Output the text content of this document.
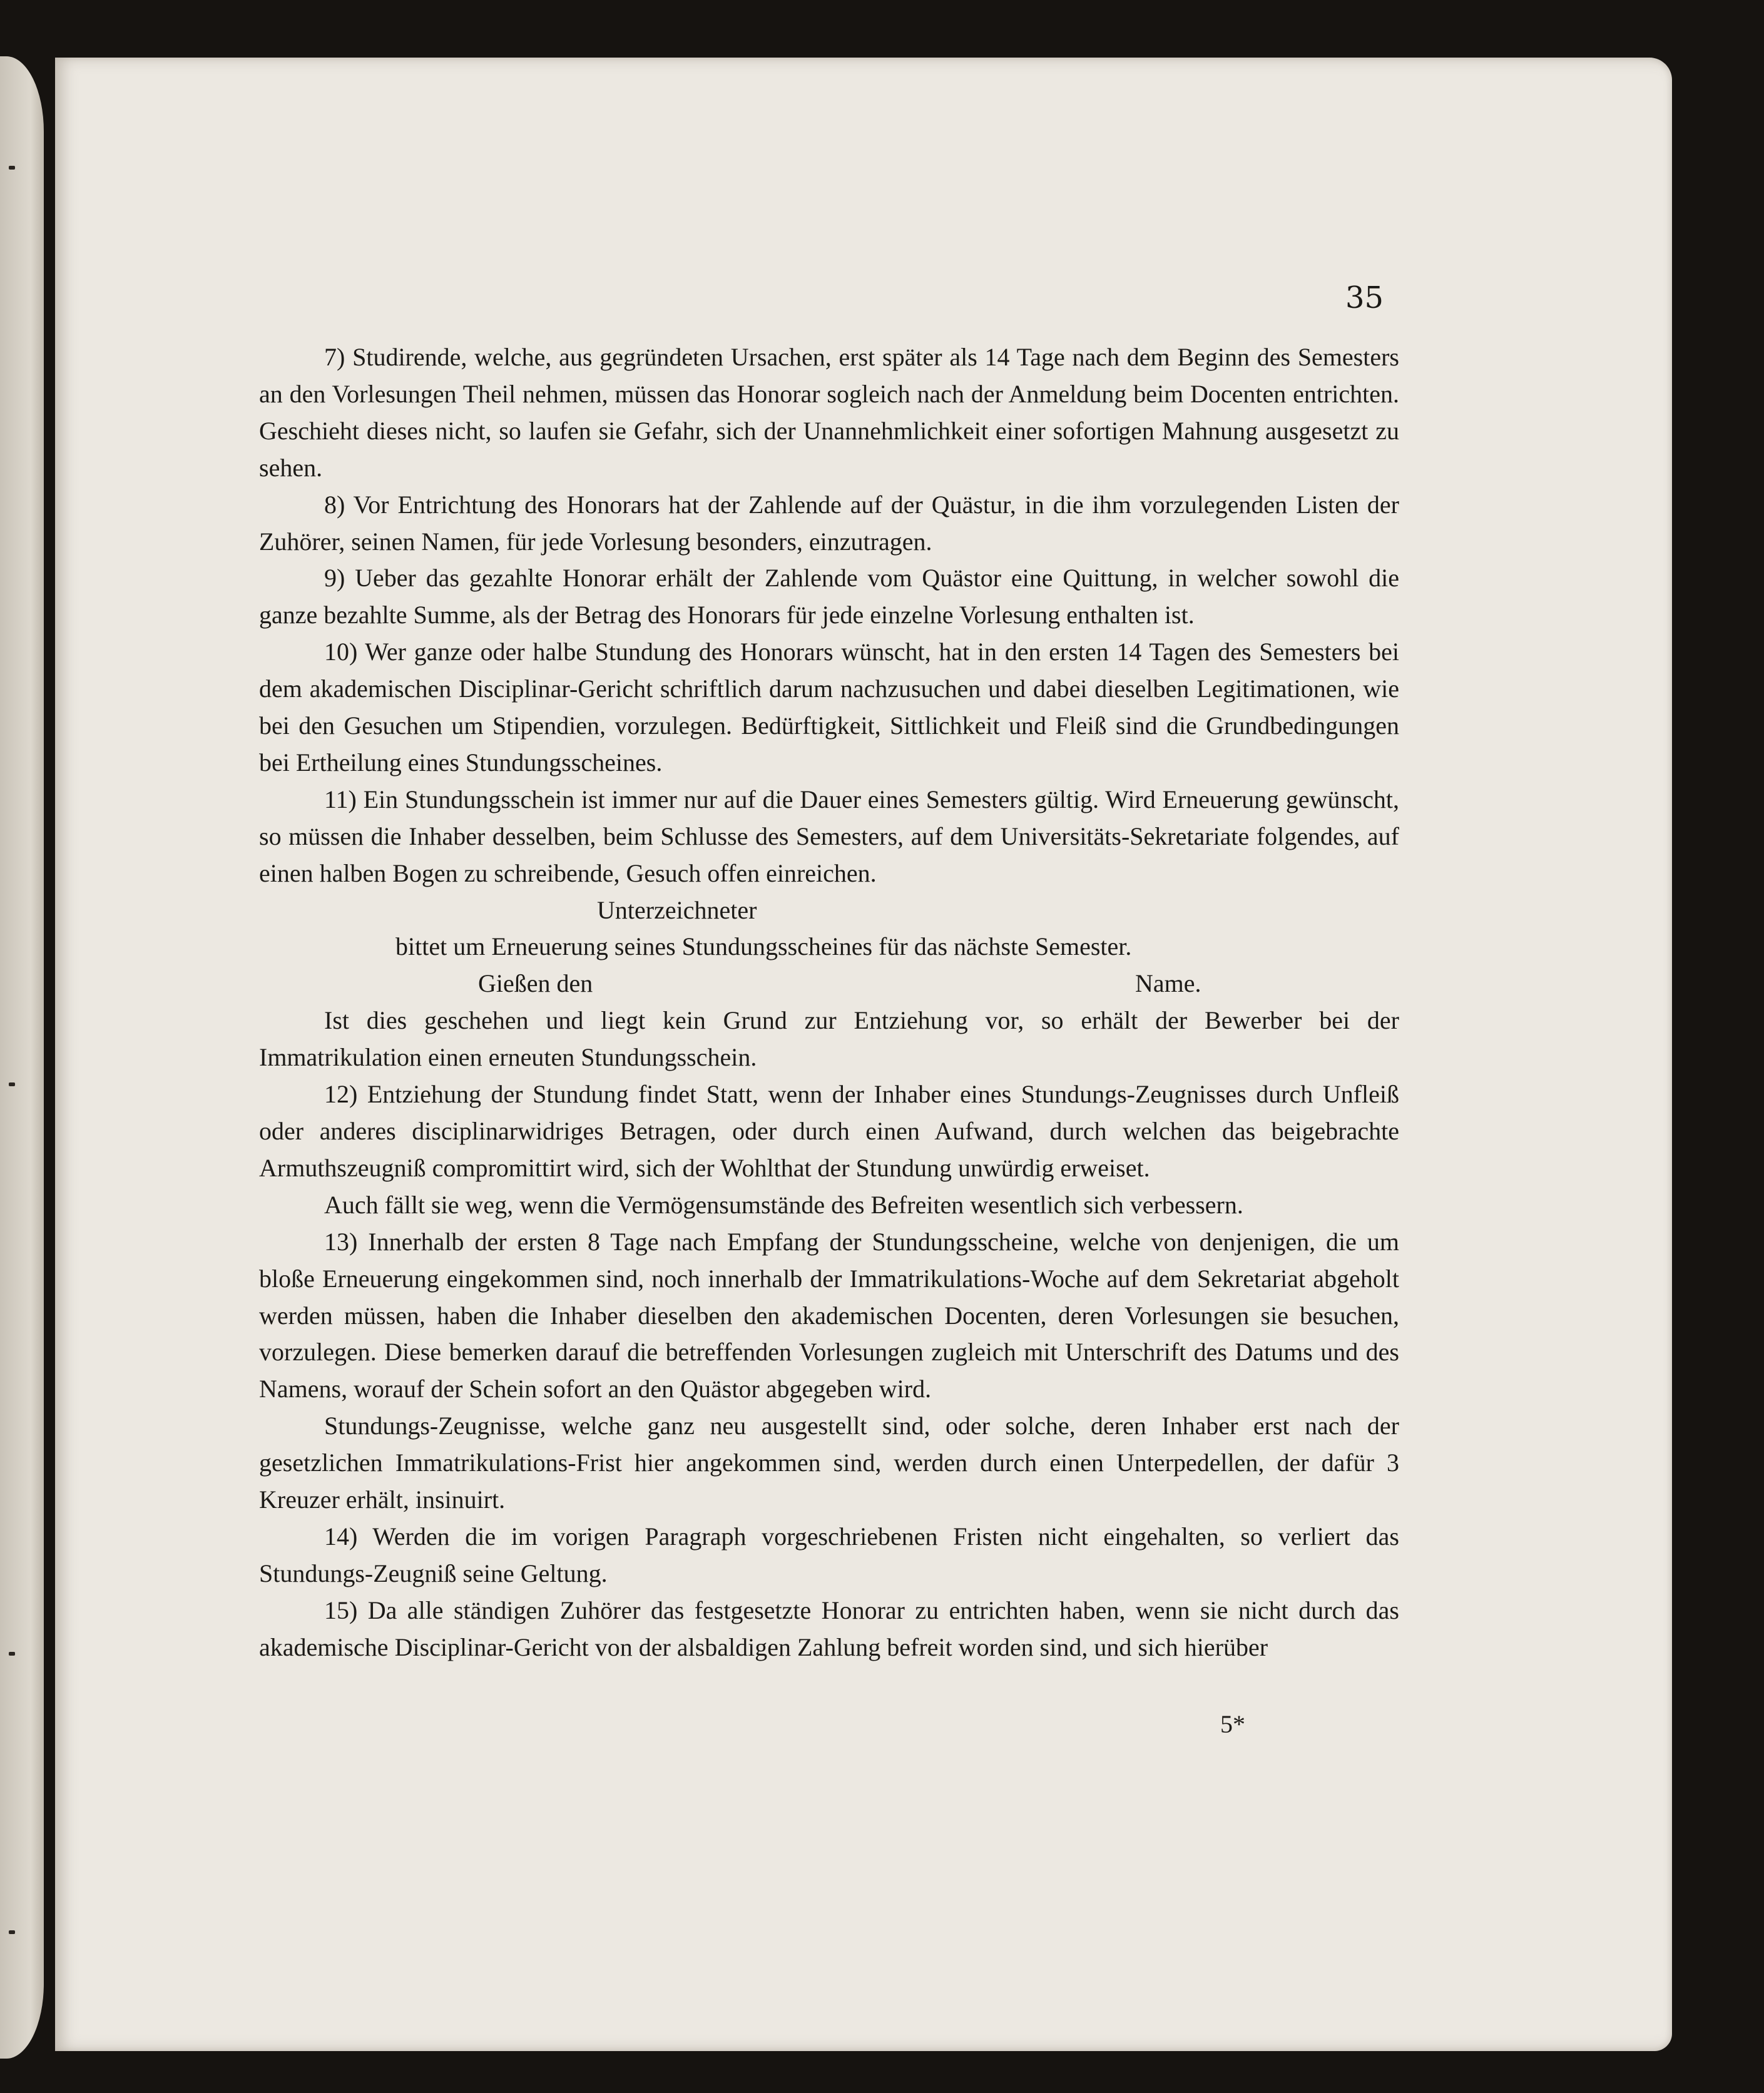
35

7) Studirende, welche, aus gegründeten Ursachen, erst später als 14 Tage nach dem Beginn des Semesters an den Vorlesungen Theil nehmen, müssen das Honorar sogleich nach der Anmeldung beim Docenten entrichten. Geschieht dieses nicht, so laufen sie Gefahr, sich der Unannehmlichkeit einer sofortigen Mahnung ausgesetzt zu sehen.

8) Vor Entrichtung des Honorars hat der Zahlende auf der Quästur, in die ihm vorzulegenden Listen der Zuhörer, seinen Namen, für jede Vorlesung besonders, einzutragen.

9) Ueber das gezahlte Honorar erhält der Zahlende vom Quästor eine Quittung, in welcher sowohl die ganze bezahlte Summe, als der Betrag des Honorars für jede einzelne Vorlesung enthalten ist.

10) Wer ganze oder halbe Stundung des Honorars wünscht, hat in den ersten 14 Tagen des Semesters bei dem akademischen Disciplinar-Gericht schriftlich darum nachzusuchen und dabei dieselben Legitimationen, wie bei den Gesuchen um Stipendien, vorzulegen. Bedürftigkeit, Sittlichkeit und Fleiß sind die Grundbedingungen bei Ertheilung eines Stundungsscheines.

11) Ein Stundungsschein ist immer nur auf die Dauer eines Semesters gültig. Wird Erneuerung gewünscht, so müssen die Inhaber desselben, beim Schlusse des Semesters, auf dem Universitäts-Sekretariate folgendes, auf einen halben Bogen zu schreibende, Gesuch offen einreichen.

Unterzeichneter
bittet um Erneuerung seines Stundungsscheines für das nächste Semester.
Gießen den	Name.

Ist dies geschehen und liegt kein Grund zur Entziehung vor, so erhält der Bewerber bei der Immatrikulation einen erneuten Stundungsschein.

12) Entziehung der Stundung findet Statt, wenn der Inhaber eines Stundungs-Zeugnisses durch Unfleiß oder anderes disciplinarwidriges Betragen, oder durch einen Aufwand, durch welchen das beigebrachte Armuthszeugniß compromittirt wird, sich der Wohlthat der Stundung unwürdig erweiset.

Auch fällt sie weg, wenn die Vermögensumstände des Befreiten wesentlich sich verbessern.

13) Innerhalb der ersten 8 Tage nach Empfang der Stundungsscheine, welche von denjenigen, die um bloße Erneuerung eingekommen sind, noch innerhalb der Immatrikulations-Woche auf dem Sekretariat abgeholt werden müssen, haben die Inhaber dieselben den akademischen Docenten, deren Vorlesungen sie besuchen, vorzulegen. Diese bemerken darauf die betreffenden Vorlesungen zugleich mit Unterschrift des Datums und des Namens, worauf der Schein sofort an den Quästor abgegeben wird.

Stundungs-Zeugnisse, welche ganz neu ausgestellt sind, oder solche, deren Inhaber erst nach der gesetzlichen Immatrikulations-Frist hier angekommen sind, werden durch einen Unterpedellen, der dafür 3 Kreuzer erhält, insinuirt.

14) Werden die im vorigen Paragraph vorgeschriebenen Fristen nicht eingehalten, so verliert das Stundungs-Zeugniß seine Geltung.

15) Da alle ständigen Zuhörer das festgesetzte Honorar zu entrichten haben, wenn sie nicht durch das akademische Disciplinar-Gericht von der alsbaldigen Zahlung befreit worden sind, und sich hierüber

5*
